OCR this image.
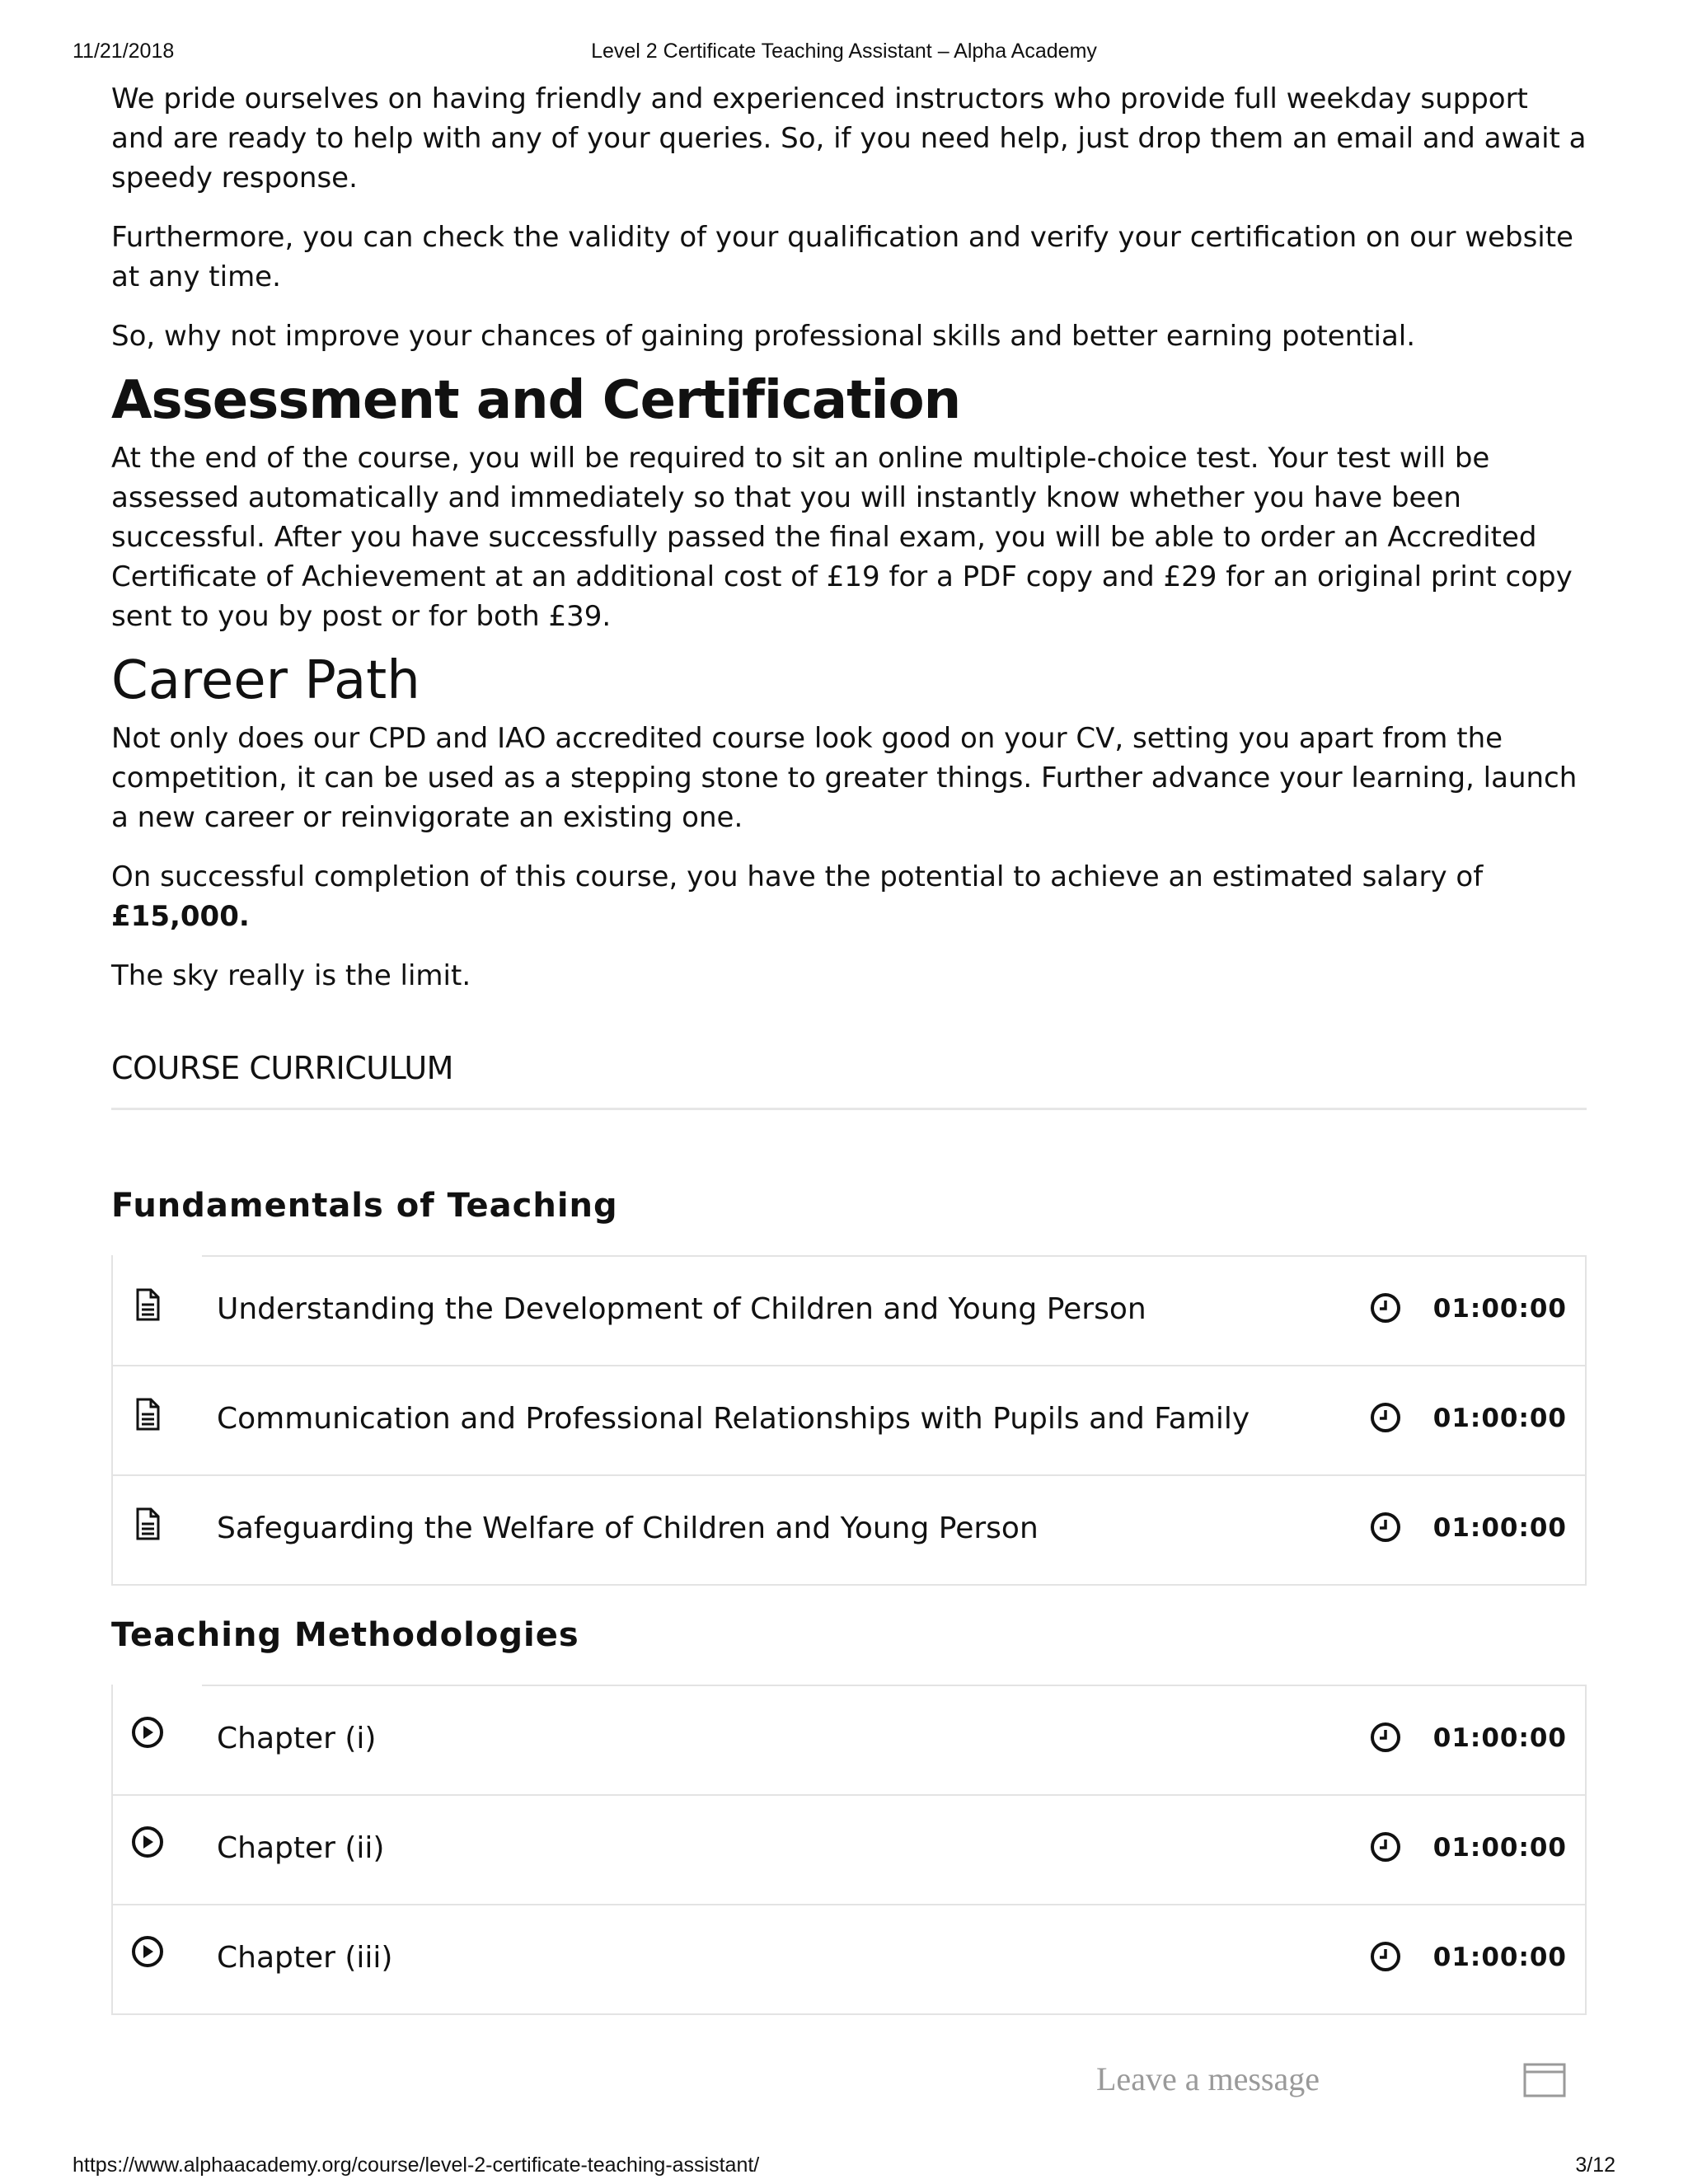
11/21/2018	Level 2 Certificate Teaching Assistant – Alpha Academy

We pride ourselves on having friendly and experienced instructors who provide full weekday support and are ready to help with any of your queries. So, if you need help, just drop them an email and await a speedy response.

Furthermore, you can check the validity of your qualification and verify your certification on our website at any time.

So, why not improve your chances of gaining professional skills and better earning potential.

Assessment and Certification

At the end of the course, you will be required to sit an online multiple-choice test. Your test will be assessed automatically and immediately so that you will instantly know whether you have been successful. After you have successfully passed the final exam, you will be able to order an Accredited Certificate of Achievement at an additional cost of £19 for a PDF copy and £29 for an original print copy sent to you by post or for both £39.

Career Path

Not only does our CPD and IAO accredited course look good on your CV, setting you apart from the competition, it can be used as a stepping stone to greater things. Further advance your learning, launch a new career or reinvigorate an existing one.

On successful completion of this course, you have the potential to achieve an estimated salary of £15,000.

The sky really is the limit.

COURSE CURRICULUM
Fundamentals of Teaching
Understanding the Development of Children and Young Person	01:00:00
Communication and Professional Relationships with Pupils and Family	01:00:00
Safeguarding the Welfare of Children and Young Person	01:00:00
Teaching Methodologies
Chapter (i)	01:00:00
Chapter (ii)	01:00:00
Chapter (iii)	01:00:00
Leave a message
https://www.alphaacademy.org/course/level-2-certificate-teaching-assistant/	3/12
